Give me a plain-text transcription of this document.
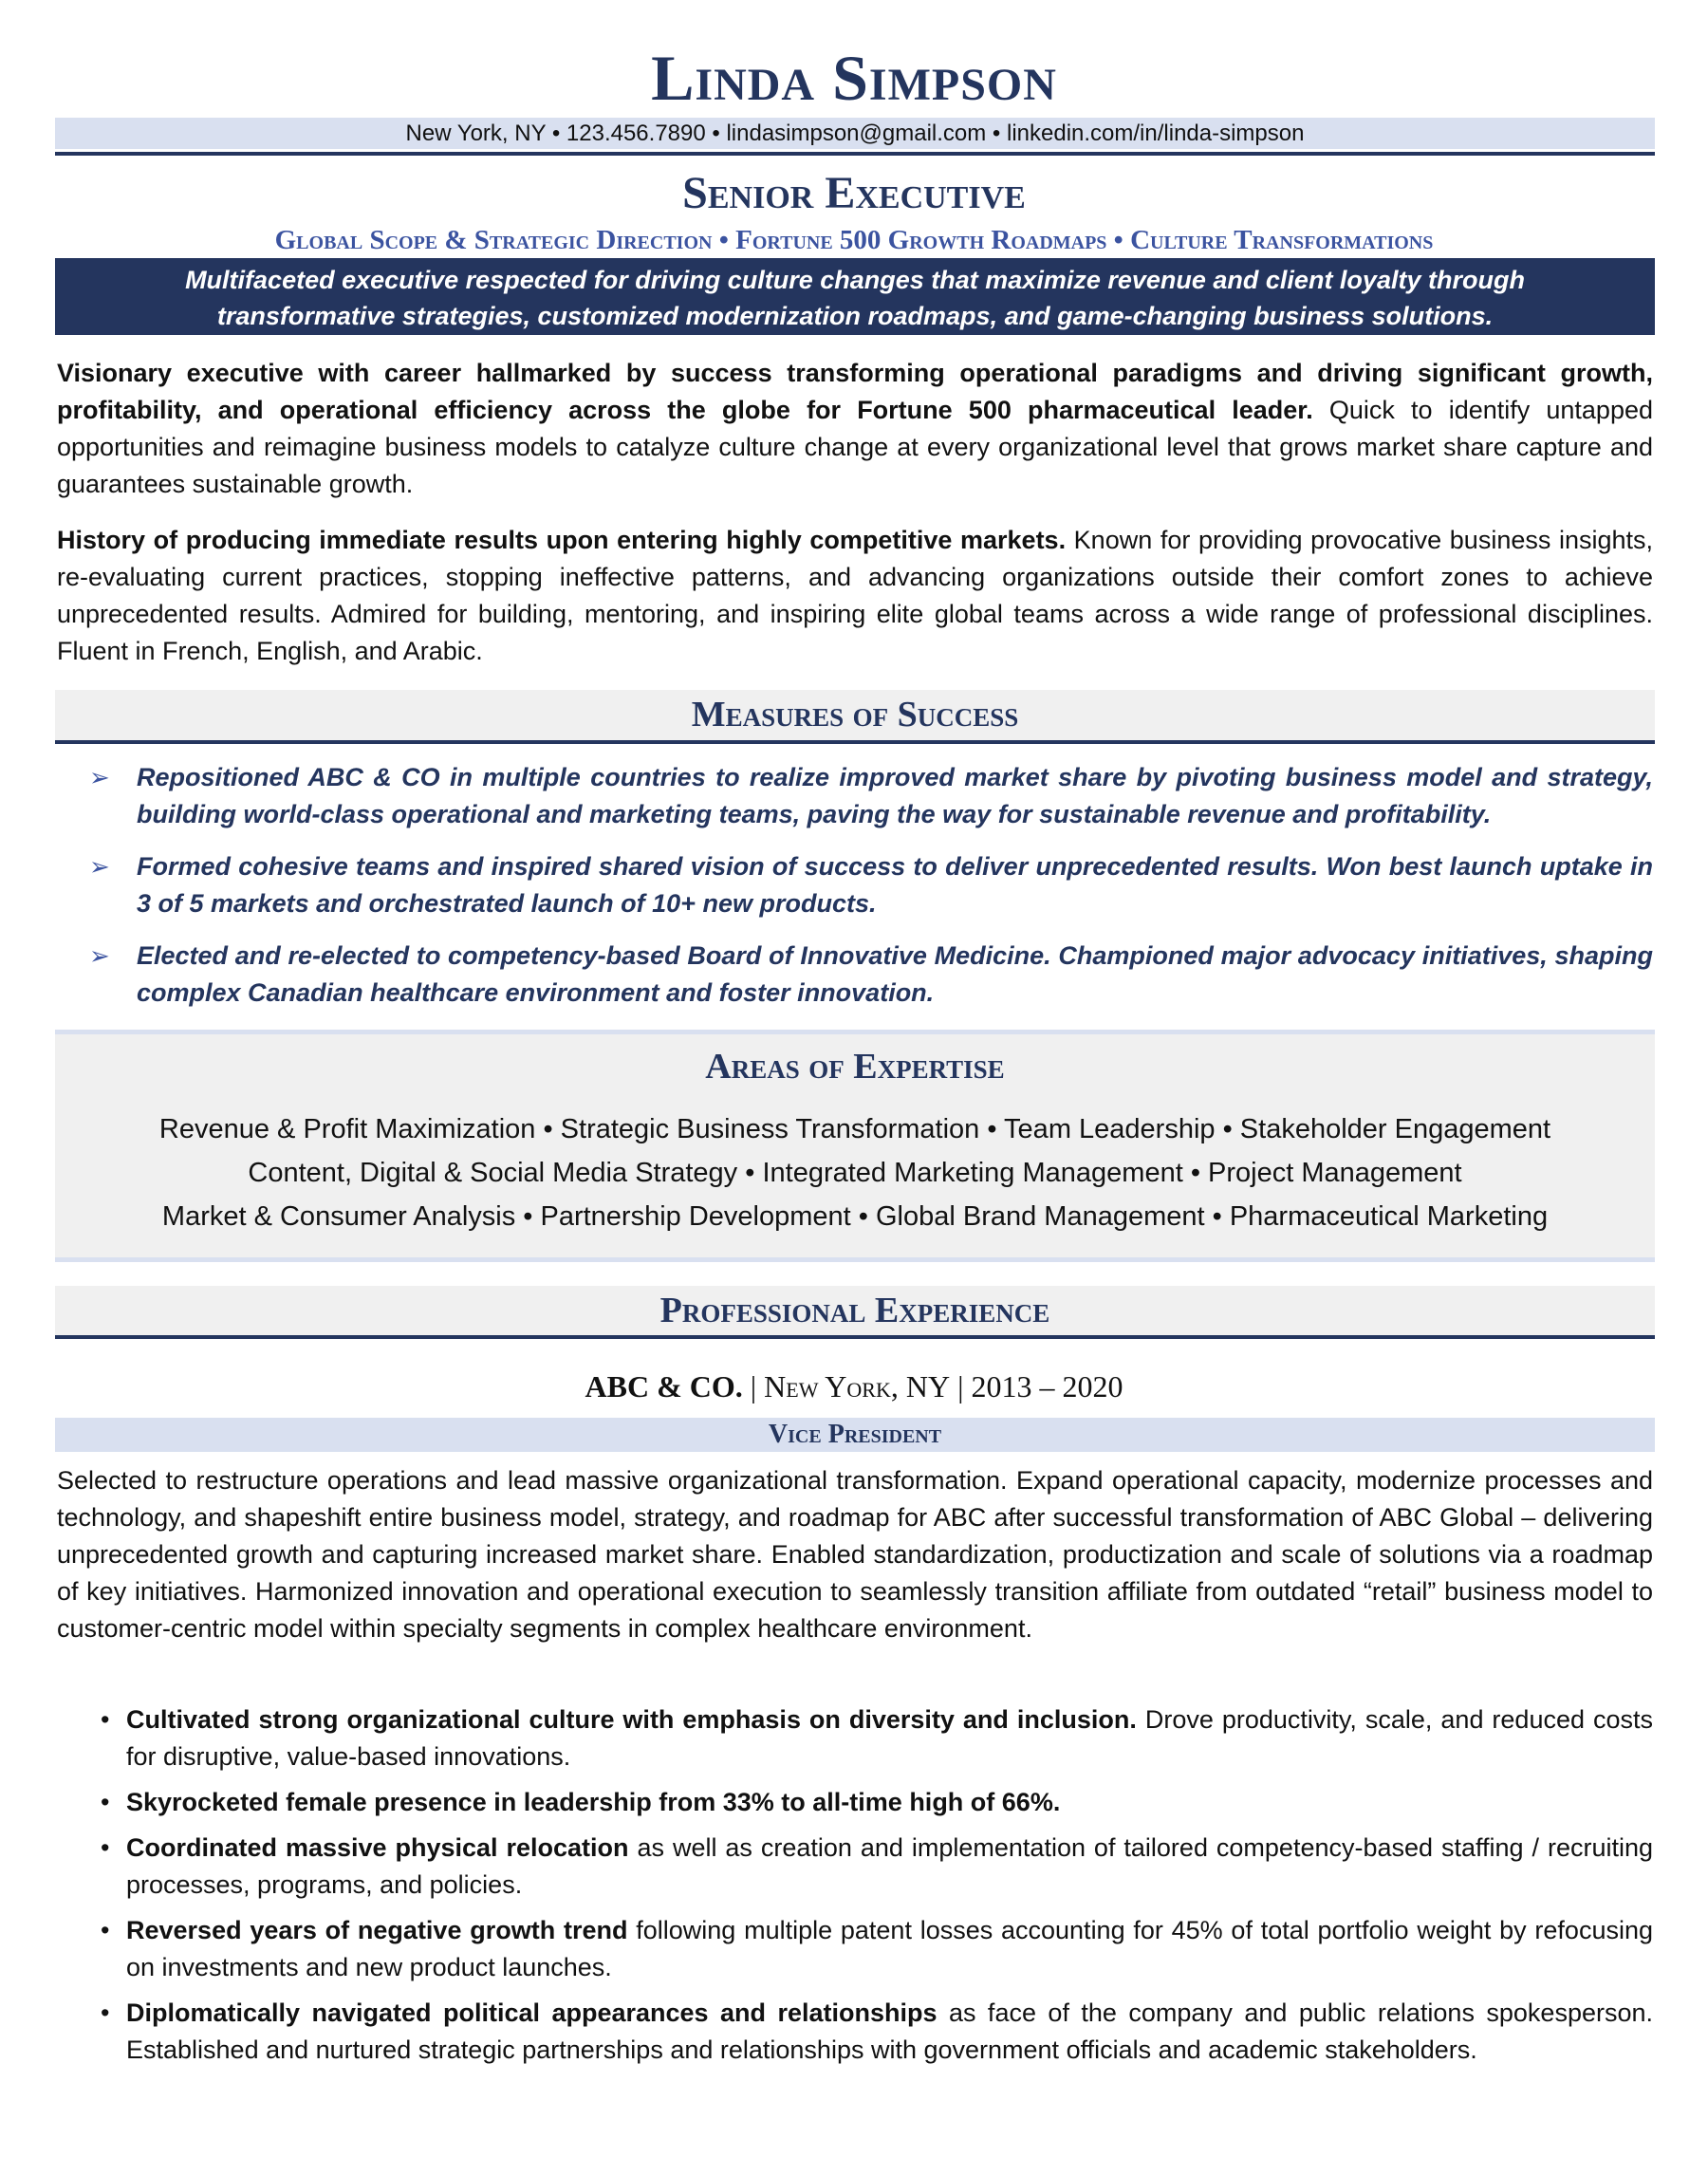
Linda Simpson
New York, NY • 123.456.7890 • lindasimpson@gmail.com • linkedin.com/in/linda-simpson
Senior Executive
Global Scope & Strategic Direction • Fortune 500 Growth Roadmaps • Culture Transformations
Multifaceted executive respected for driving culture changes that maximize revenue and client loyalty through
transformative strategies, customized modernization roadmaps, and game-changing business solutions.
Visionary executive with career hallmarked by success transforming operational paradigms and driving significant growth, profitability, and operational efficiency across the globe for Fortune 500 pharmaceutical leader. Quick to identify untapped opportunities and reimagine business models to catalyze culture change at every organizational level that grows market share capture and guarantees sustainable growth.
History of producing immediate results upon entering highly competitive markets. Known for providing provocative business insights, re-evaluating current practices, stopping ineffective patterns, and advancing organizations outside their comfort zones to achieve unprecedented results. Admired for building, mentoring, and inspiring elite global teams across a wide range of professional disciplines. Fluent in French, English, and Arabic.
Measures of Success
➢ Repositioned ABC & CO in multiple countries to realize improved market share by pivoting business model and strategy, building world-class operational and marketing teams, paving the way for sustainable revenue and profitability.
➢ Formed cohesive teams and inspired shared vision of success to deliver unprecedented results. Won best launch uptake in 3 of 5 markets and orchestrated launch of 10+ new products.
➢ Elected and re-elected to competency-based Board of Innovative Medicine. Championed major advocacy initiatives, shaping complex Canadian healthcare environment and foster innovation.
Areas of Expertise
Revenue & Profit Maximization • Strategic Business Transformation • Team Leadership • Stakeholder Engagement
Content, Digital & Social Media Strategy • Integrated Marketing Management • Project Management
Market & Consumer Analysis • Partnership Development • Global Brand Management • Pharmaceutical Marketing
Professional Experience
ABC & CO. | New York, NY | 2013 – 2020
Vice President
Selected to restructure operations and lead massive organizational transformation. Expand operational capacity, modernize processes and technology, and shapeshift entire business model, strategy, and roadmap for ABC after successful transformation of ABC Global – delivering unprecedented growth and capturing increased market share. Enabled standardization, productization and scale of solutions via a roadmap of key initiatives. Harmonized innovation and operational execution to seamlessly transition affiliate from outdated “retail” business model to customer-centric model within specialty segments in complex healthcare environment.
• Cultivated strong organizational culture with emphasis on diversity and inclusion. Drove productivity, scale, and reduced costs for disruptive, value-based innovations.
• Skyrocketed female presence in leadership from 33% to all-time high of 66%.
• Coordinated massive physical relocation as well as creation and implementation of tailored competency-based staffing / recruiting processes, programs, and policies.
• Reversed years of negative growth trend following multiple patent losses accounting for 45% of total portfolio weight by refocusing on investments and new product launches.
• Diplomatically navigated political appearances and relationships as face of the company and public relations spokesperson. Established and nurtured strategic partnerships and relationships with government officials and academic stakeholders.
